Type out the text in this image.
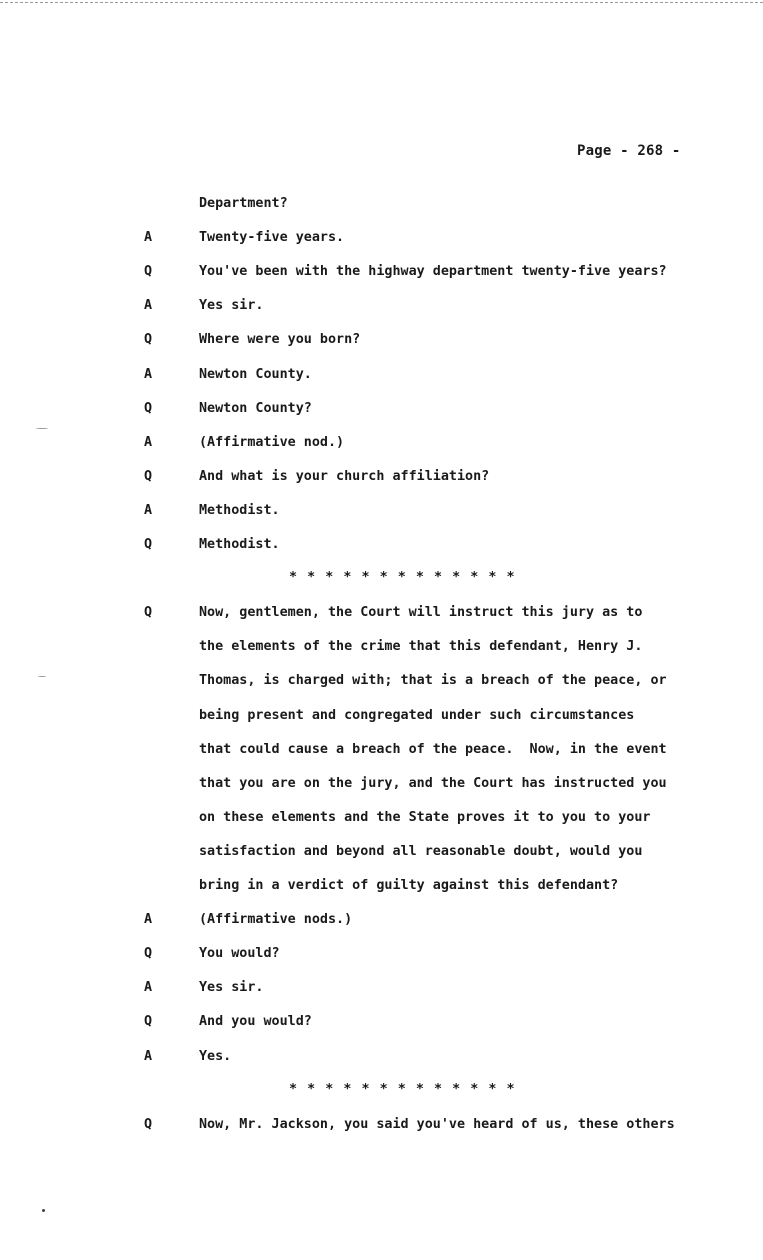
Page - 268 -
Department?
A	Twenty-five years.
Q	You've been with the highway department twenty-five years?
A	Yes sir.
Q	Where were you born?
A	Newton County.
Q	Newton County?
A	(Affirmative nod.)
Q	And what is your church affiliation?
A	Methodist.
Q	Methodist.
* * * * * * * * * * * * *
Q	Now, gentlemen, the Court will instruct this jury as to
the elements of the crime that this defendant, Henry J.
Thomas, is charged with; that is a breach of the peace, or
being present and congregated under such circumstances
that could cause a breach of the peace.  Now, in the event
that you are on the jury, and the Court has instructed you
on these elements and the State proves it to you to your
satisfaction and beyond all reasonable doubt, would you
bring in a verdict of guilty against this defendant?
A	(Affirmative nods.)
Q	You would?
A	Yes sir.
Q	And you would?
A	Yes.
* * * * * * * * * * * * *
Q	Now, Mr. Jackson, you said you've heard of us, these others
